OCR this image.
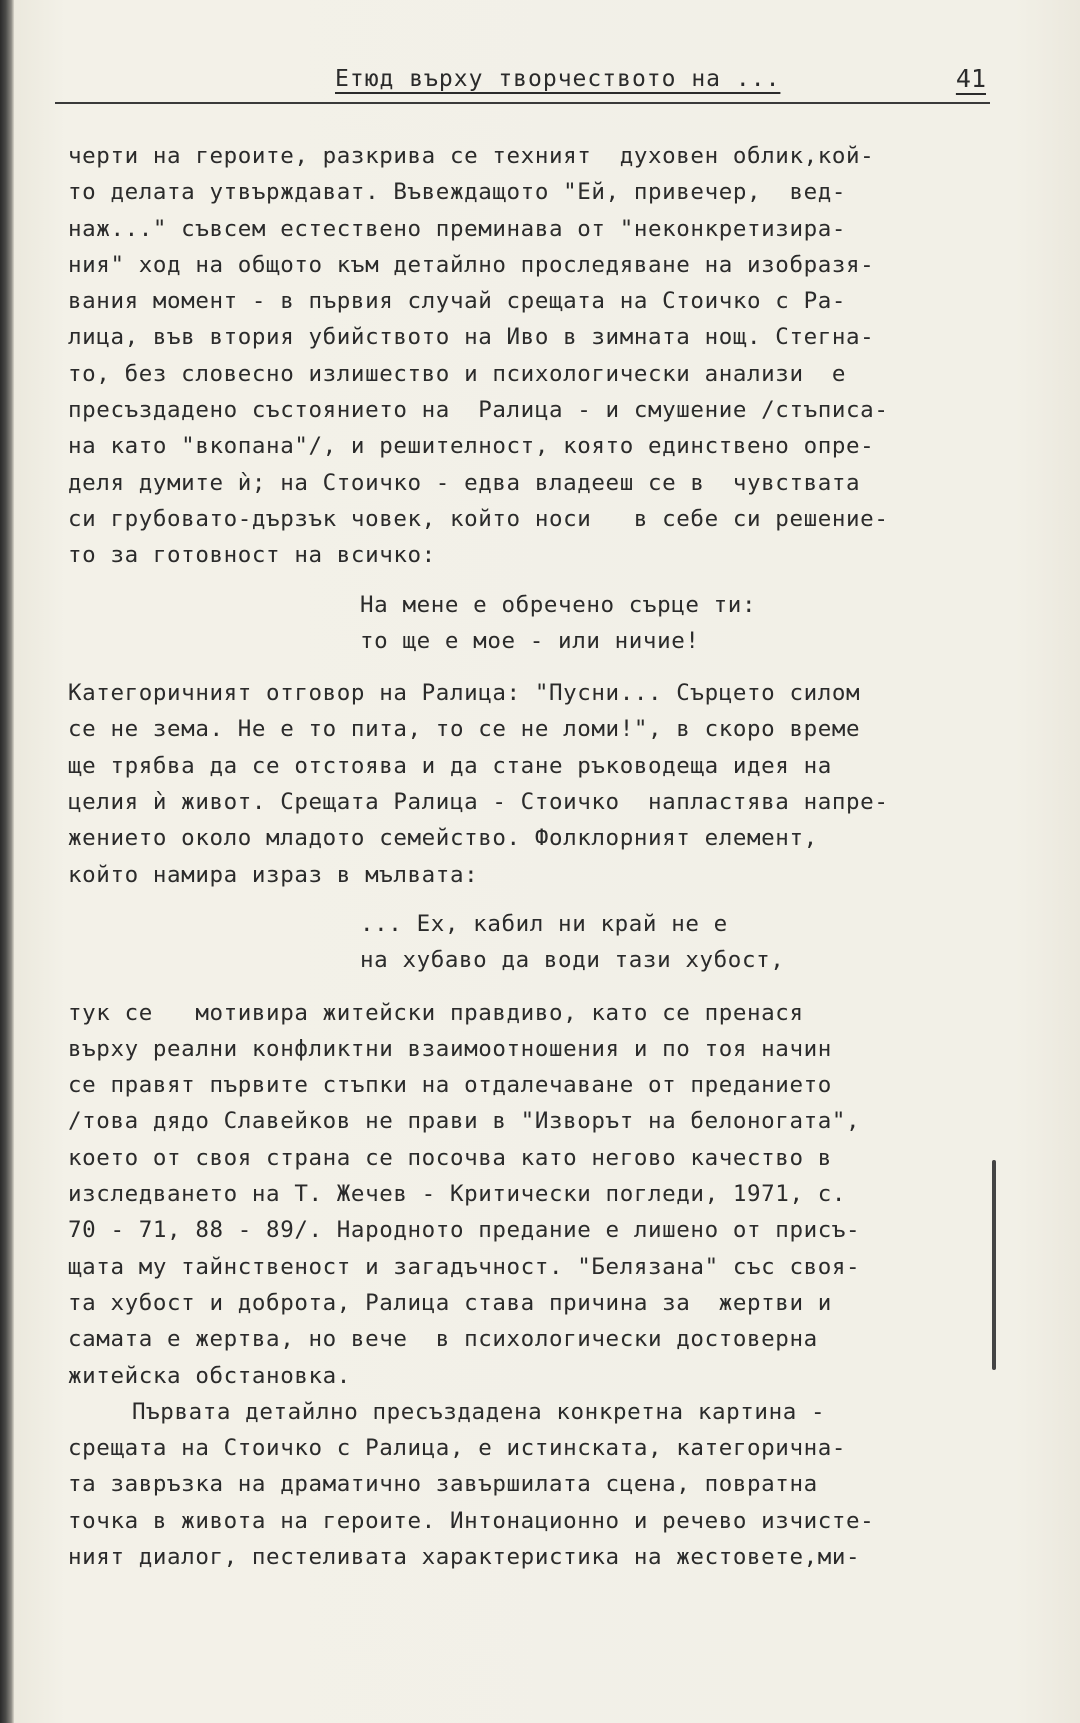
Етюд върху творчеството на ...	41
черти на героите, разкрива се техният  духовен облик,кой-
то делата утвърждават. Въвеждащото "Ей, привечер,  вед-
наж..." съвсем естествено преминава от "неконкретизира-
ния" ход на общото към детайлно проследяване на изобразя-
вания момент - в първия случай срещата на Стоичко с Ра-
лица, във втория убийството на Иво в зимната нощ. Стегна-
то, без словесно излишество и психологически анализи  е
пресъздадено състоянието на  Ралица - и смушение /стъписа-
на като "вкопана"/, и решителност, която единствено опре-
деля думите ѝ; на Стоичко - едва владееш се в  чувствата
си грубовато-дързък човек, който носи   в себе си решение-
то за готовност на всичко:
На мене е обречено сърце ти:
то ще е мое - или ничие!
Категоричният отговор на Ралица: "Пусни... Сърцето силом
се не зема. Не е то пита, то се не ломи!", в скоро време
ще трябва да се отстоява и да стане ръководеща идея на
целия ѝ живот. Срещата Ралица - Стоичко  напластява напре-
жението около младото семейство. Фолклорният елемент,
който намира израз в мълвата:
... Ех, кабил ни край не е
на хубаво да води тази хубост,
тук се   мотивира житейски правдиво, като се пренася
върху реални конфликтни взаимоотношения и по тоя начин
се правят първите стъпки на отдалечаване от преданието
/това дядо Славейков не прави в "Изворът на белоногата",
което от своя страна се посочва като негово качество в
изследването на Т. Жечев - Критически погледи, 1971, с.
70 - 71, 88 - 89/. Народното предание е лишено от присъ-
щата му тайнственост и загадъчност. "Белязана" със своя-
та хубост и доброта, Ралица става причина за  жертви и
самата е жертва, но вече  в психологически достоверна
житейска обстановка.
Първата детайлно пресъздадена конкретна картина -
срещата на Стоичко с Ралица, е истинската, категорична-
та завръзка на драматично завършилата сцена, повратна
точка в живота на героите. Интонационно и речево изчисте-
ният диалог, пестеливата характеристика на жестовете,ми-
